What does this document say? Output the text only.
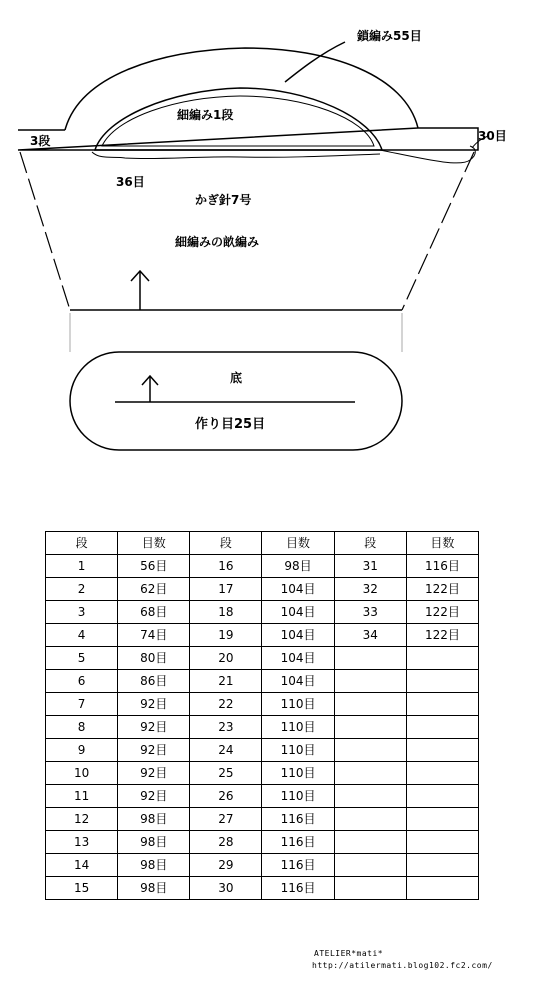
鎖編み55目
細編み1段
3段	30目
36目
かぎ針7号
細編みの畝編み
底
作り目25目
段	目数	段	目数	段	目数
1	56目	16	98目	31	116目
2	62目	17	104目	32	122目
3	68目	18	104目	33	122目
4	74目	19	104目	34	122目
5	80目	20	104目		
6	86目	21	104目		
7	92目	22	110目		
8	92目	23	110目		
9	92目	24	110目		
10	92目	25	110目		
11	92目	26	110目		
12	98目	27	116目		
13	98目	28	116目		
14	98目	29	116目		
15	98目	30	116目		
ATELIER*mati*
http://atilermati.blog102.fc2.com/
